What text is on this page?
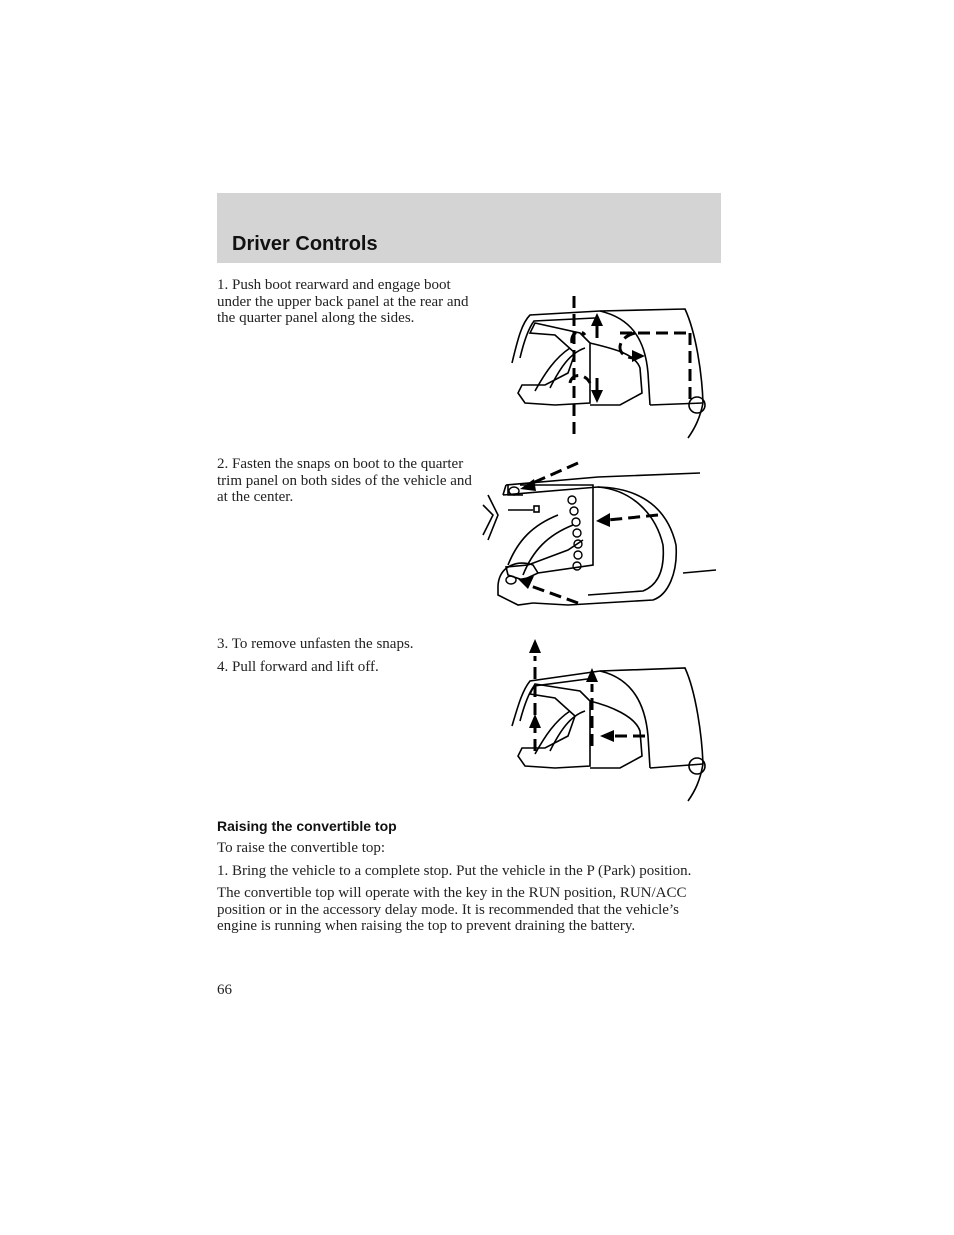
Driver Controls

1. Push boot rearward and engage boot under the upper back panel at the rear and the quarter panel along the sides.

2. Fasten the snaps on boot to the quarter trim panel on both sides of the vehicle and at the center.

3. To remove unfasten the snaps.

4. Pull forward and lift off.

Raising the convertible top

To raise the convertible top:

1. Bring the vehicle to a complete stop. Put the vehicle in the P (Park) position.

The convertible top will operate with the key in the RUN position, RUN/ACC position or in the accessory delay mode. It is recommended that the vehicle’s engine is running when raising the top to prevent draining the battery.

66
